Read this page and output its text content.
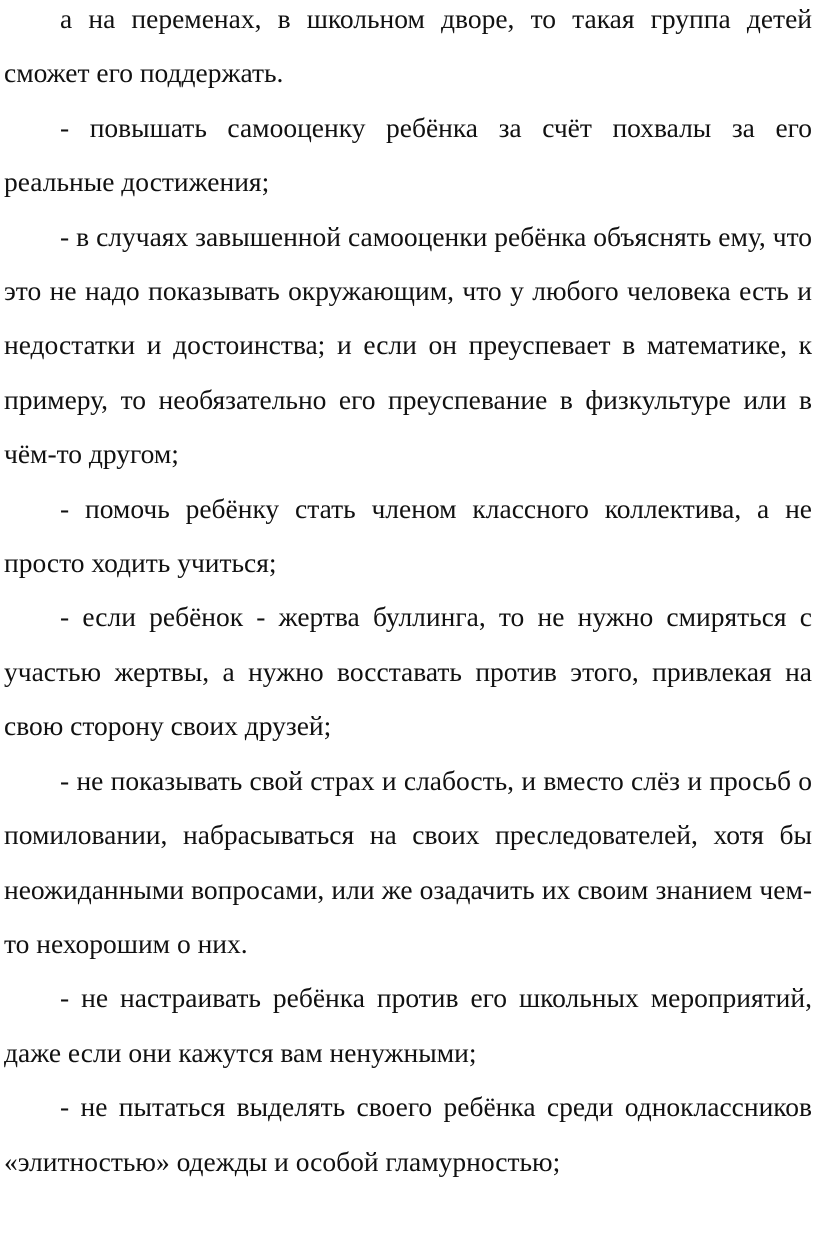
а на переменах, в школьном дворе, то такая группа детей сможет его поддержать.

- повышать самооценку ребёнка за счёт похвалы за его реальные достижения;

- в случаях завышенной самооценки ребёнка объяснять ему, что это не надо показывать окружающим, что у любого человека есть и недостатки и достоинства; и если он преуспевает в математике, к примеру, то необязательно его преуспевание в физкультуре или в чём-то другом;

- помочь ребёнку стать членом классного коллектива, а не просто ходить учиться;

- если ребёнок - жертва буллинга, то не нужно смиряться с участью жертвы, а нужно восставать против этого, привлекая на свою сторону своих друзей;

- не показывать свой страх и слабость, и вместо слёз и просьб о помиловании, набрасываться на своих преследователей, хотя бы неожиданными вопросами, или же озадачить их своим знанием чем-то нехорошим о них.

- не настраивать ребёнка против его школьных мероприятий, даже если они кажутся вам ненужными;

- не пытаться выделять своего ребёнка среди одноклассников «элитностью» одежды и особой гламурностью;
